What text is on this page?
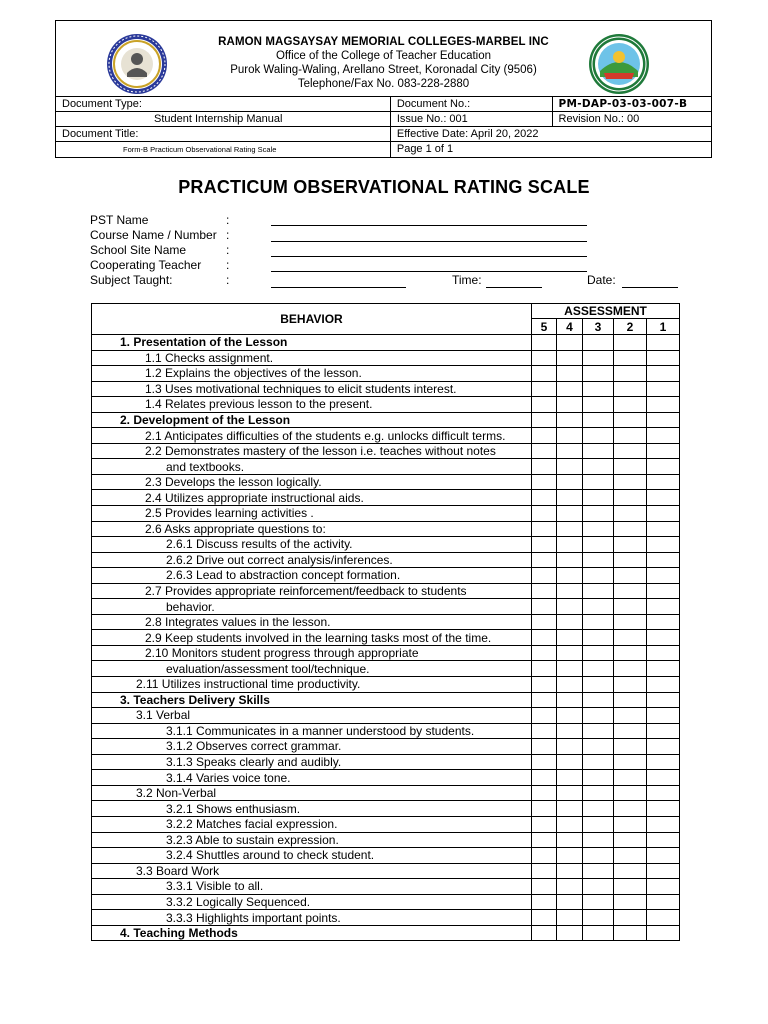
RAMON MAGSAYSAY MEMORIAL COLLEGES-MARBEL INC
Office of the College of Teacher Education
Purok Waling-Waling, Arellano Street, Koronadal City (9506)
Telephone/Fax No. 083-228-2880
Document Type:	Document No.:	PM-DAP-03-03-007-B
Student Internship Manual	Issue No.: 001	Revision No.: 00
Document Title:	Effective Date: April 20, 2022	
Form-B Practicum Observational Rating Scale	Page 1 of 1	
PRACTICUM OBSERVATIONAL RATING SCALE
PST Name	:
Course Name / Number :
School Site Name	:
Cooperating Teacher :
Subject Taught:	:	Time:	Date:
BEHAVIOR	ASSESSMENT				
	5	4	3	2	1
1. Presentation of the Lesson					
1.1 Checks assignment.					
1.2 Explains the objectives of the lesson.					
1.3 Uses motivational techniques to elicit students interest.					
1.4 Relates previous lesson to the present.					
2. Development of the Lesson					
2.1 Anticipates difficulties of the students e.g. unlocks difficult terms.					
2.2 Demonstrates mastery of the lesson i.e. teaches without notes					
and textbooks.					
2.3 Develops the lesson logically.					
2.4 Utilizes appropriate instructional aids.					
2.5 Provides learning activities .					
2.6 Asks appropriate questions to:					
2.6.1 Discuss results of the activity.					
2.6.2 Drive out correct analysis/inferences.					
2.6.3 Lead to abstraction concept formation.					
2.7 Provides appropriate reinforcement/feedback to students					
behavior.					
2.8 Integrates values in the lesson.					
2.9 Keep students involved in the learning tasks most of the time.					
2.10 Monitors student progress through appropriate					
evaluation/assessment tool/technique.					
2.11 Utilizes instructional time productivity.					
3. Teachers Delivery Skills					
3.1 Verbal					
3.1.1 Communicates in a manner understood by students.					
3.1.2 Observes correct grammar.					
3.1.3 Speaks clearly and audibly.					
3.1.4 Varies voice tone.					
3.2 Non-Verbal					
3.2.1 Shows enthusiasm.					
3.2.2 Matches facial expression.					
3.2.3 Able to sustain expression.					
3.2.4 Shuttles around to check student.					
3.3 Board Work					
3.3.1 Visible to all.					
3.3.2 Logically Sequenced.					
3.3.3 Highlights important points.					
4. Teaching Methods					
